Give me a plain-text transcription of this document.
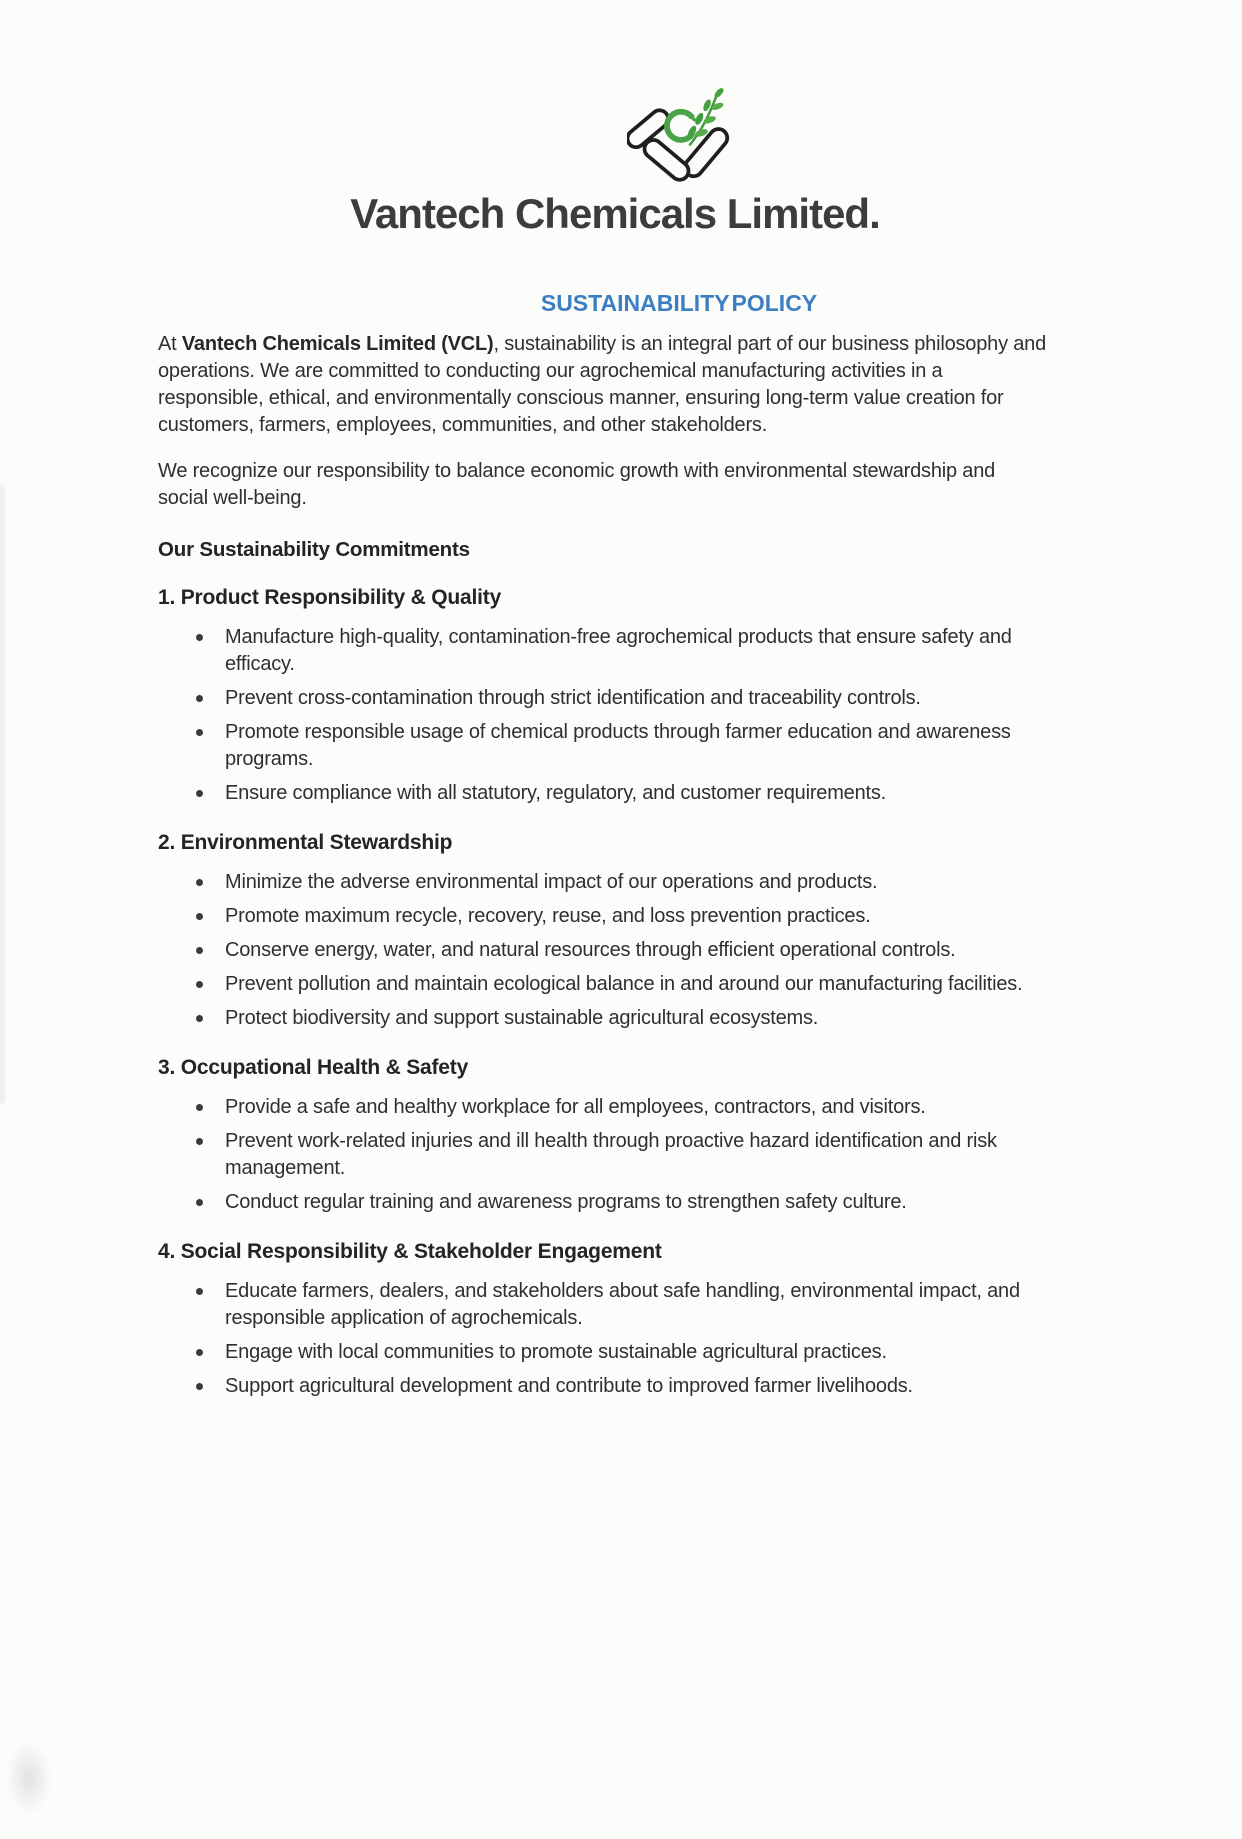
Vantech Chemicals Limited.
SUSTAINABILITY POLICY

At Vantech Chemicals Limited (VCL), sustainability is an integral part of our business philosophy and operations. We are committed to conducting our agrochemical manufacturing activities in a responsible, ethical, and environmentally conscious manner, ensuring long-term value creation for customers, farmers, employees, communities, and other stakeholders.

We recognize our responsibility to balance economic growth with environmental stewardship and social well-being.

Our Sustainability Commitments
1. Product Responsibility & Quality
Manufacture high-quality, contamination-free agrochemical products that ensure safety and efficacy.
Prevent cross-contamination through strict identification and traceability controls.
Promote responsible usage of chemical products through farmer education and awareness programs.
Ensure compliance with all statutory, regulatory, and customer requirements.
2. Environmental Stewardship
Minimize the adverse environmental impact of our operations and products.
Promote maximum recycle, recovery, reuse, and loss prevention practices.
Conserve energy, water, and natural resources through efficient operational controls.
Prevent pollution and maintain ecological balance in and around our manufacturing facilities.
Protect biodiversity and support sustainable agricultural ecosystems.
3. Occupational Health & Safety
Provide a safe and healthy workplace for all employees, contractors, and visitors.
Prevent work-related injuries and ill health through proactive hazard identification and risk management.
Conduct regular training and awareness programs to strengthen safety culture.
4. Social Responsibility & Stakeholder Engagement
Educate farmers, dealers, and stakeholders about safe handling, environmental impact, and responsible application of agrochemicals.
Engage with local communities to promote sustainable agricultural practices.
Support agricultural development and contribute to improved farmer livelihoods.
